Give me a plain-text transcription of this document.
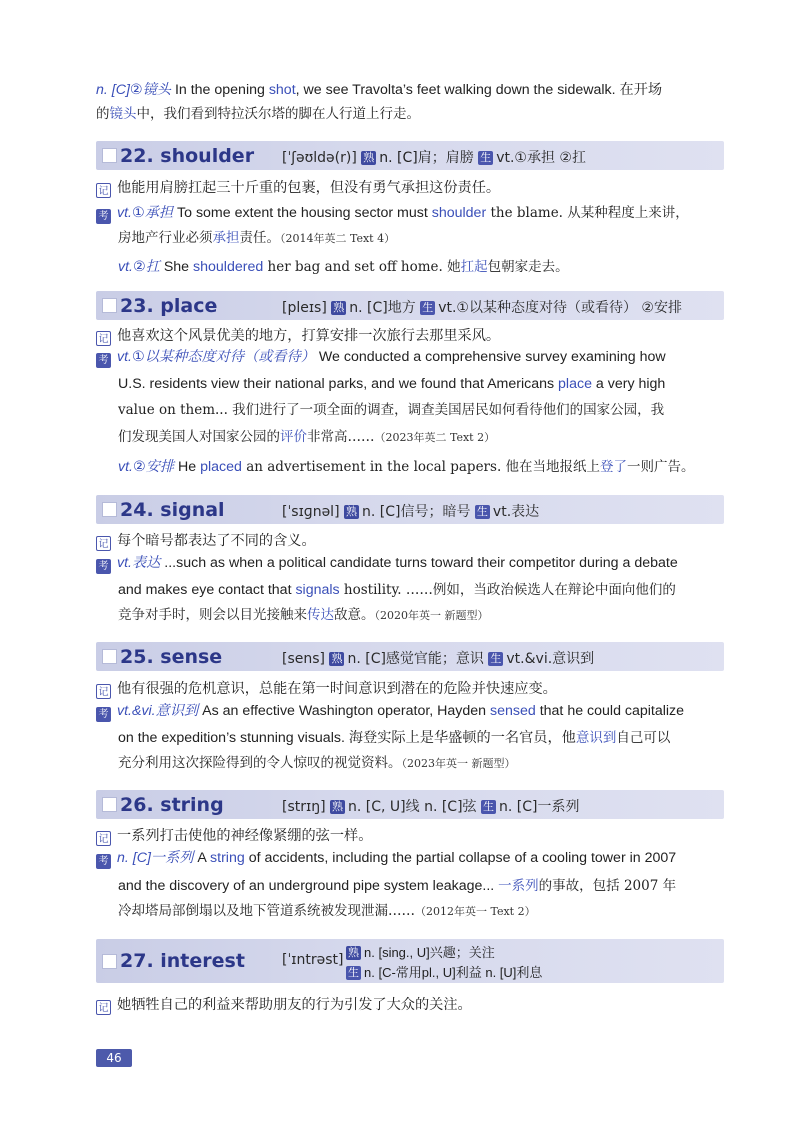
n. [C]②镜头 In the opening shot, we see Travolta’s feet walking down the sidewalk. 在开场
的镜头中，我们看到特拉沃尔塔的脚在人行道上行走。
22. shoulder [ˈʃəʊldə(r)] 熟 n. [C]肩；肩膀 生 vt.①承担 ②扛
记 他能用肩膀扛起三十斤重的包裹，但没有勇气承担这份责任。
考 vt.①承担 To some extent the housing sector must shoulder the blame. 从某种程度上来讲，
房地产行业必须承担责任。（2014年英二 Text 4）
vt.②扛 She shouldered her bag and set off home. 她扛起包朝家走去。
23. place	[pleɪs] 熟 n. [C]地方 生 vt.①以某种态度对待（或看待） ②安排
记 他喜欢这个风景优美的地方，打算安排一次旅行去那里采风。
考 vt.①以某种态度对待（或看待） We conducted a comprehensive survey examining how
U.S. residents view their national parks, and we found that Americans place a very high
value on them... 我们进行了一项全面的调查，调查美国居民如何看待他们的国家公园，我
们发现美国人对国家公园的评价非常高……（2023年英二 Text 2）
vt.②安排 He placed an advertisement in the local papers. 他在当地报纸上登了一则广告。
24. signal	[ˈsɪɡnəl] 熟 n. [C]信号；暗号 生 vt.表达
记 每个暗号都表达了不同的含义。
考 vt.表达 ...such as when a political candidate turns toward their competitor during a debate
and makes eye contact that signals hostility. ……例如，当政治候选人在辩论中面向他们的
竞争对手时，则会以目光接触来传达敌意。（2020年英一 新题型）
25. sense	[sens] 熟 n. [C]感觉官能；意识 生 vt.&vi.意识到
记 他有很强的危机意识，总能在第一时间意识到潜在的危险并快速应变。
考 vt.&vi.意识到 As an effective Washington operator, Hayden sensed that he could capitalize
on the expedition’s stunning visuals. 海登实际上是华盛顿的一名官员，他意识到自己可以
充分利用这次探险得到的令人惊叹的视觉资料。（2023年英一 新题型）
26. string	[strɪŋ] 熟 n. [C, U]线 n. [C]弦 生 n. [C]一系列
记 一系列打击使他的神经像紧绷的弦一样。
考 n. [C]一系列 A string of accidents, including the partial collapse of a cooling tower in 2007
and the discovery of an underground pipe system leakage... 一系列的事故，包括 2007 年
冷却塔局部倒塌以及地下管道系统被发现泄漏……（2012年英一 Text 2）
27. interest	[ˈɪntrəst] 熟 n. [sing., U]兴趣；关注
生 n. [C-常用pl., U]利益 n. [U]利息
记 她牺牲自己的利益来帮助朋友的行为引发了大众的关注。
46
